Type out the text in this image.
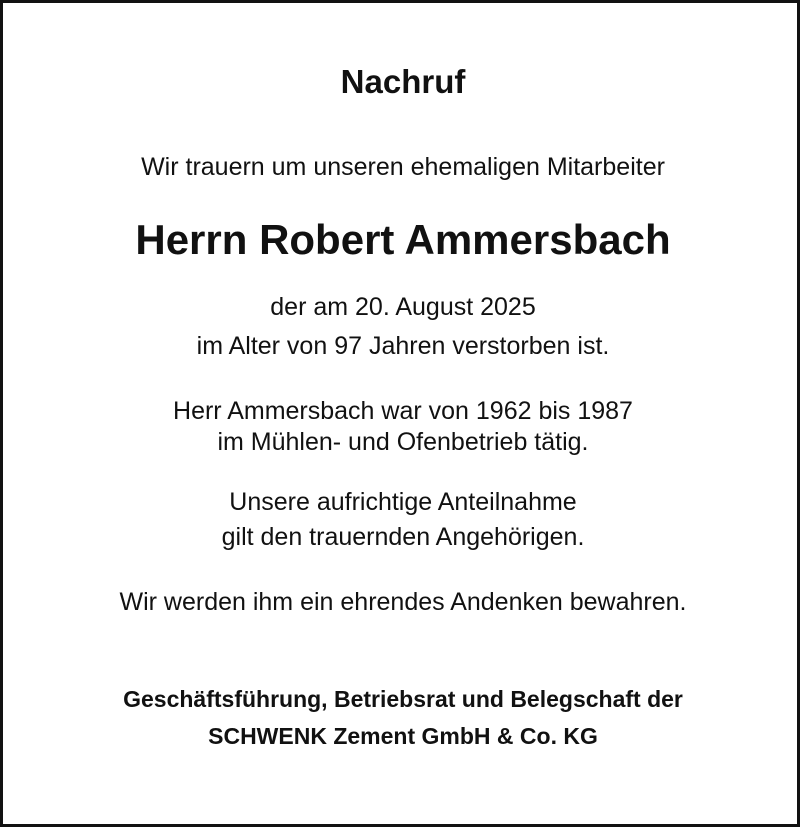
Nachruf
Wir trauern um unseren ehemaligen Mitarbeiter
Herrn Robert Ammersbach
der am 20. August 2025
im Alter von 97 Jahren verstorben ist.
Herr Ammersbach war von 1962 bis 1987
im Mühlen- und Ofenbetrieb tätig.
Unsere aufrichtige Anteilnahme
gilt den trauernden Angehörigen.
Wir werden ihm ein ehrendes Andenken bewahren.
Geschäftsführung, Betriebsrat und Belegschaft der
SCHWENK Zement GmbH & Co. KG
